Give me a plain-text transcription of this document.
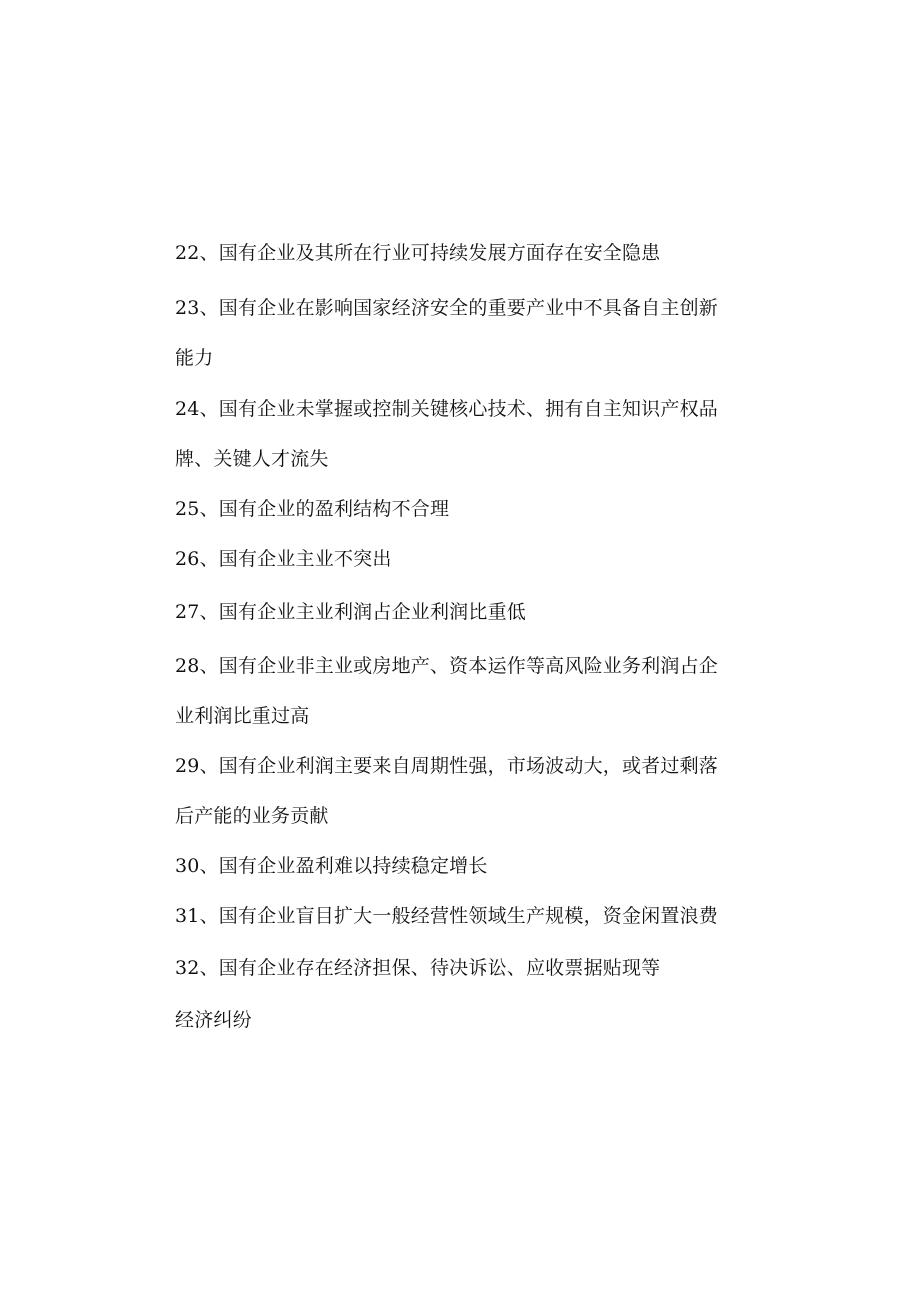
22、国有企业及其所在行业可持续发展方面存在安全隐患
23、国有企业在影响国家经济安全的重要产业中不具备自主创新
能力
24、国有企业未掌握或控制关键核心技术、拥有自主知识产权品
牌、关键人才流失
25、国有企业的盈利结构不合理
26、国有企业主业不突出
27、国有企业主业利润占企业利润比重低
28、国有企业非主业或房地产、资本运作等高风险业务利润占企
业利润比重过高
29、国有企业利润主要来自周期性强，市场波动大，或者过剩落
后产能的业务贡献
30、国有企业盈利难以持续稳定增长
31、国有企业盲目扩大一般经营性领域生产规模，资金闲置浪费
32、国有企业存在经济担保、待决诉讼、应收票据贴现等
经济纠纷
